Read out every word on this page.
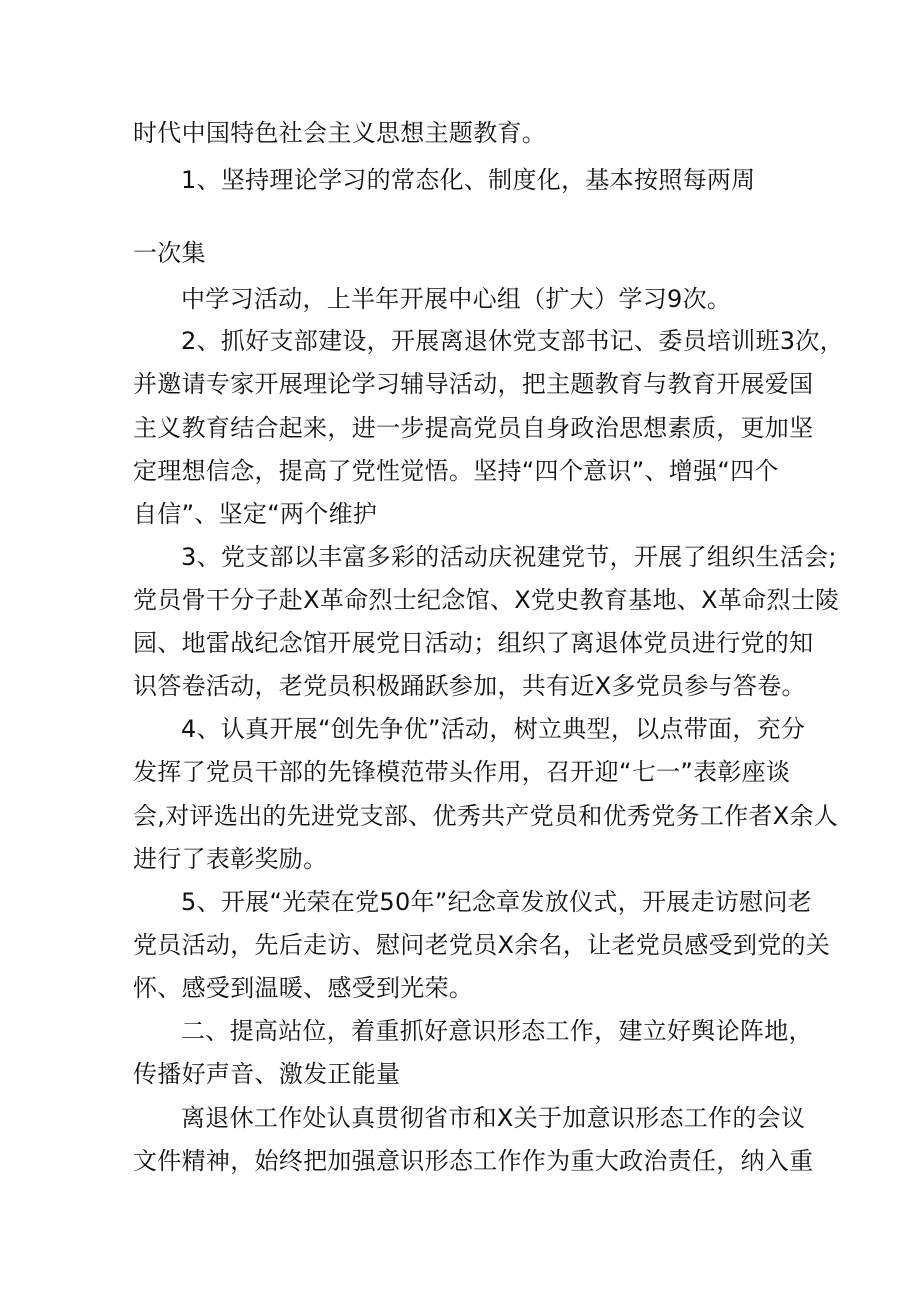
时代中国特色社会主义思想主题教育。
1、坚持理论学习的常态化、制度化，基本按照每两周
一次集
中学习活动，上半年开展中心组（扩大）学习9次。
2、抓好支部建设，开展离退休党支部书记、委员培训班3次，
并邀请专家开展理论学习辅导活动，把主题教育与教育开展爱国
主义教育结合起来，进一步提高党员自身政治思想素质，更加坚
定理想信念，提高了党性觉悟。坚持“四个意识”、增强“四个
自信”、坚定“两个维护
3、党支部以丰富多彩的活动庆祝建党节，开展了组织生活会;
党员骨干分子赴X革命烈士纪念馆、X党史教育基地、X革命烈士陵
园、地雷战纪念馆开展党日活动；组织了离退体党员进行党的知
识答卷活动，老党员积极踊跃参加，共有近X多党员参与答卷。
4、认真开展“创先争优”活动，树立典型，以点带面，充分
发挥了党员干部的先锋模范带头作用，召开迎“七一”表彰座谈
会,对评选出的先进党支部、优秀共产党员和优秀党务工作者X余人
进行了表彰奖励。
5、开展“光荣在党50年”纪念章发放仪式，开展走访慰问老
党员活动，先后走访、慰问老党员X余名，让老党员感受到党的关
怀、感受到温暖、感受到光荣。
二、提高站位，着重抓好意识形态工作，建立好舆论阵地，
传播好声音、激发正能量
离退休工作处认真贯彻省市和X关于加意识形态工作的会议
文件精神，始终把加强意识形态工作作为重大政治责任，纳入重
